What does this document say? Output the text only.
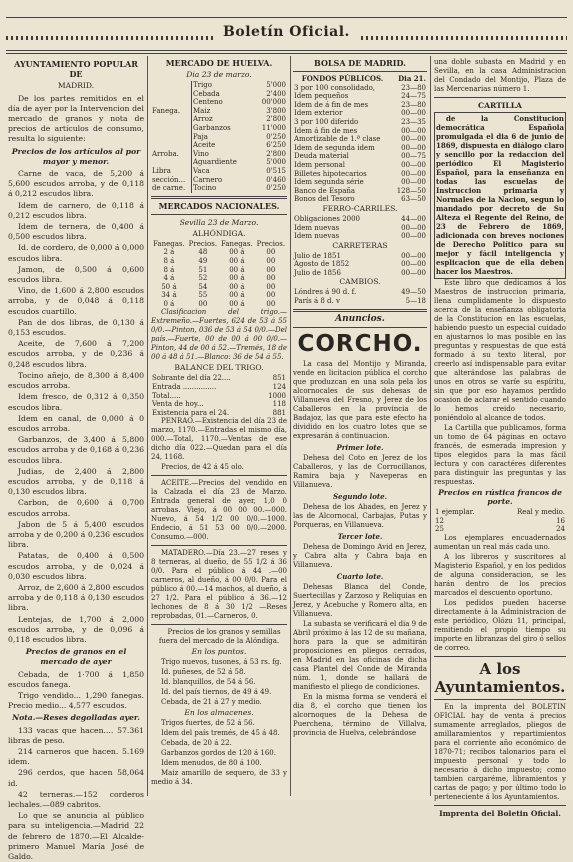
Boletín Oficial.
AYUNTAMIENTO POPULAR DE
MADRID.

De los partes remitidos en el día de ayer por la Intervencion del mercado de granos y nota de precios de artículos de consumo, resulta lo siguiente:

Precios de los artículos al por mayor y menor.

Carne de vaca, de 5,200 á 5,600 escudos arroba, y de 0,118 á 0,212 escudos libra.

Idem de carnero, de 0,118 á 0,212 escudos libra.

Idem de ternera, de 0,400 á 0,500 escudos libra.

Id. de cordero, de 0,000 á 0,000 escudos libra.

Jamon, de 0,500 á 0,600 escudos libra.

Vino, de 1,600 á 2,800 escudos arroba, y de 0,048 á 0,118 escudos cuartillo.

Pan de dos libras, de 0,130 á 0,153 escudos.

Aceite, de 7,600 á 7,200 escudos arroba, y de 0,236 á 0,248 escudos libra.

Tocino añejo, de 8,300 á 8,400 escudos arroba.

Idem fresco, de 0,312 á 0,350 escudos libra.

Idem en canal, de 0,000 á 0 escudos arroba.

Garbanzos, de 3,400 á 5,800 escudos arroba y de 0,168 á 0,236 escudos libra.

Judias, de 2,400 á 2,800 escudos arroba, y de 0,118 á 0,130 escudos libra.

Carbon, de 0,600 á 0,700 escudos arroba.

Jabon de 5 á 5,400 escudos arroba y de 0,200 á 0,236 escudos libra.

Patatas, de 0,400 á 0,500 escudos arroba, y de 0,024 á 0,030 escudos libra.

Arroz, de 2,600 á 2,800 escudos arroba y de 0,118 á 0,130 escudos libra.

Lentejas, de 1,700 á 2,000 escudos arroba, y de 0,096 á 0,118 escudos libra.

Precios de granos en el mercado de ayer

Cebada, de 1·700 á 1,850 escudos fanega.

Trigo vendido... 1,290 fanegas. Precio medio... 4,577 escudos.

Nota.—Reses degolladas ayer.

133 vacas que hacen.... 57.361 libras de peso.

214 carneros que hacen. 5.169 idem.

296 cerdos, que hacen 58,064 id.

42 terneras.—152 corderos lechales.—089 cabritos.

Lo que se anuncia al público para su inteligencia.—Madrid 22 de febrero de 1870.—El Alcalde-primero Manuel María José de Galdo.

MERCADO DE HUELVA.
Dia 23 de marzo.
Fanega.	Trigo	5'000
	Cebada	2'400
	Centeno	00'000
	Maiz	3'800
	Arroz	2'800
	Garbanzos	11'000
	Paja	0'250
Arroba.	Aceite	6'250
	Vino	2'800
	Aguardiente	5'000
Libra sección... de carne.	Vaca	0'515
	Carnero	0'460
	Tocino	0'250
MERCADOS NACIONALES.
Sevilla 23 de Marzo.
ALHÓNDIGA.
Fanegas.	Precios.	Fanegas.	Precios.
2 á	48	00 á	00
8 á	49	00 á	00
8 á	51	00 á	00
4 á	52	00 á	00
50 á	54	00 á	00
34 á	55	00 á	00
0 á	00	00 á	00

Clasificacion del trigo.—Extremeño.—Fuertes, 624 de 53 á 55 0/0.—Pinton, 036 de 53 á 54 0/0.—Del país.—Fuerte, 00 de 00 á 00 0/0.—Pinton, 44 de 00 á 52.—Tremés, 18 de 00 á 48 á 51.—Blanco: 36 de 54 á 55.

BALANCE DEL TRIGO.
Sobrante del día 22....	851
Entrada ...............	124
Total.....	1000
Venta de hoy...	118
Existencia para el 24.	881

PENRAO.—Existencia del día 23 de marzo, 1170.—Entradas el mismo día, 000.—Total, 1170.—Ventas de ese dicho día 022.—Quedan para el día 24, 1168.

Precios, de 42 á 45 olo.

ACEITE.—Precios del vendido en la Calzada el día 23 de Marzo. Entrada general de ayer, 1,0 0 arrobas. Viejo, á 00 00 00.—000. Nuevo, á 54 1/2 00 0/0.—1000. Endecio, á 51 53 00 0/0.—2000. Consumo.—000.

MATADERO.—Día 23.—27 reses y 8 terneras, al dueño, de 55 1/2 á 36 0/0. Para el público á 44 .—00 carneros, al dueño, á 00 0/0. Para el público á 00.—14 machos, al dueño, á 27 1/2. Para el público á 36.—12 lechones de 8 á 30 1/2 —Reses reprobadas, 01.—Carneros, 0.

Precios de los granos y semillas fuera del mercado de la Alóndiga.

En los puntos.

Trigo nuevos, tusones, á 53 rs. fg.

Id. puñeses, de 52 á 58.

Id. blanquillos, de 54 á 56.

Id. del país tiernos, de 49 á 49.

Cebada, de 21 á 27 y medio.

En los almacenes.

Trigos fuertes, de 52 á 56.

Idem del país tremés, de 45 á 48.

Cebada, de 20 á 22.

Garbanzos gordos de 120 á 160.

Idem menudos, de 80 á 100.

Maiz amarillo de sequero, de 33 y medio á 34.

BOLSA DE MADRID.
FONDOS PÚBLICOS.	Dia 21.
3 por 100 consolidado,	23—80
Idem pequeños	24—75
Idem de á fin de mes	23—80
Idem exterior	00—00
3 por 100 diferido	23—35
Idem á fin de mes	00—00
Amortizable de 1.ª clase	00—00
Idem de segunda idem	00—00
Deuda material	00—75
Idem personal	00—00
Billetes hipotecarios	00—00
Idem segunda série	00—00
Banco de España	128—50
Bonos del Tesoro	63—50
FERRO-CARRILES.
Obligaciones 2000	44—00
Idem nuevas	00—00
Idem nuevas	00—00
CARRETERAS
Julio de 1851	00—00
Agosto de 1852	00—00
Julio de 1856	00—00
CAMBIOS.
Lóndres á 90 d. f.	49—50
París á 8 d. v	5—18
Anuncios.
CORCHO.

La casa del Montijo y Miranda, vende en licitacion pública el corcho que produzcan en una sola pela los alcornocales de sus dehesas de Villanueva del Fresno, y Jerez de los Caballeros en la provincia de Badajoz, las que para este efecto ha dividido en los cuatro lotes que se expresarán á continuacion.

Primer lote.

Dehesa del Coto en Jerez de los Caballeros, y las de Corrocillanos, Ramira baja y Naveperas en Villanueva.

Segundo lote.

Dehesa de los Abades, en Jerez y las de Alcornocal, Carbajas, Putas y Porqueras, en Villanueva.

Tercer lote.

Dehesa de Domingo Avid en Jerez, y Cabra alta y Cabra baja en Villanueva.

Cuarto lote.

Dehesas Blanca del Conde, Suertecillas y Zarzoso y Reliquias en Jerez, y Acebuche y Romero alta, en Villanueva.

La subasta se verificará el dia 9 de Abril próximo á las 12 de su mañana, hora para la que se admitirán proposiciones en pliegos cerrados, en Madrid en las oficinas de dicha casa Plantel del Conde de Miranda núm. 1, donde se hallará de manifiesto el pliego de condiciones.

En la misma forma se venderá el dia 8, el corcho que tienen los alcornoques de la Dehesa de Puerchena, término de Villalva, provincia de Huelva, celebrándose

una doble subasta en Madrid y en Sevilla, en la casa Administracion del Condado del Montijo, Plaza de las Mercenarias número 1.

CARTILLA

de la Constitucion democrática Española promulgada el dia 6 de junio de 1869, dispuesta en diálogo claro y sencillo por la redaccion del periódico El Magisterio Español, para la enseñanza en todas las escuelas de Instruccion primaria y Normales de la Nacion, segun lo mandado por decreto de Su Alteza el Regente del Reino, de 23 de Febrero de 1869, adicionada con breves nociones de Derecho Político para su mejor y fácil inteligencia y esplicacion que de ella deben hacer los Maestros.

Este libro que dedicamos á los Maestros de instruccion primaria, llena cumplidamente lo dispuesto acerca de la enseñanza obligatoria de la Constitucion en las escuelas, habiendo puesto un especial cuidado en ajustarnos lo mas posible en las preguntas y respuestas de que está formado á su texto literal, por creerlo así indispensable para evitar que alterándose las palabras de unos en otros se varíe su espíritu, sin que por eso hayamos perdido ocasion de aclarar el sentido cuando lo hemos creido necesario, poniéndolo al alcance de todos.

La Cartilla que publicamos, forma un tomo de 64 páginas en octavo francés, de esmerada impresion y tipos elegidos para la mas fácil lectura y con caractéres diferentes para distinguir las preguntas y las respuestas.

Precios en rústica francos de porte.
1 ejemplar.	Real y medio.
12	16
25	24

Los ejemplares encuadernados aumentan un real más cada uno.

A los libreros y suscritores al Magisterio Español, y en los pedidos de alguna consideracion, se les harán dentro de los precios marcados el descuento oportuno.

Los pedidos pueden hacerse directamente á la Administracion de este periódico, Olózu 11, principal, remitiendo el propio tiempo su importe en libranzas del giro ó sellos de correo.

A los Ayuntamientos.

En la imprenta del BOLETIN OFICIAL hay de venta á precios sumamente arreglados, pliegos de amillaramientos y repartimientos para el corriente año económico de 1870-71; recibos talonarios para el impuesto personal y todo lo necesario á dicho impuesto; como tambien cargaréme, libramientos y cartas de pago; y por último todo lo perteneciente á los Ayuntamientos.

Imprenta del Boletin Oficial.
